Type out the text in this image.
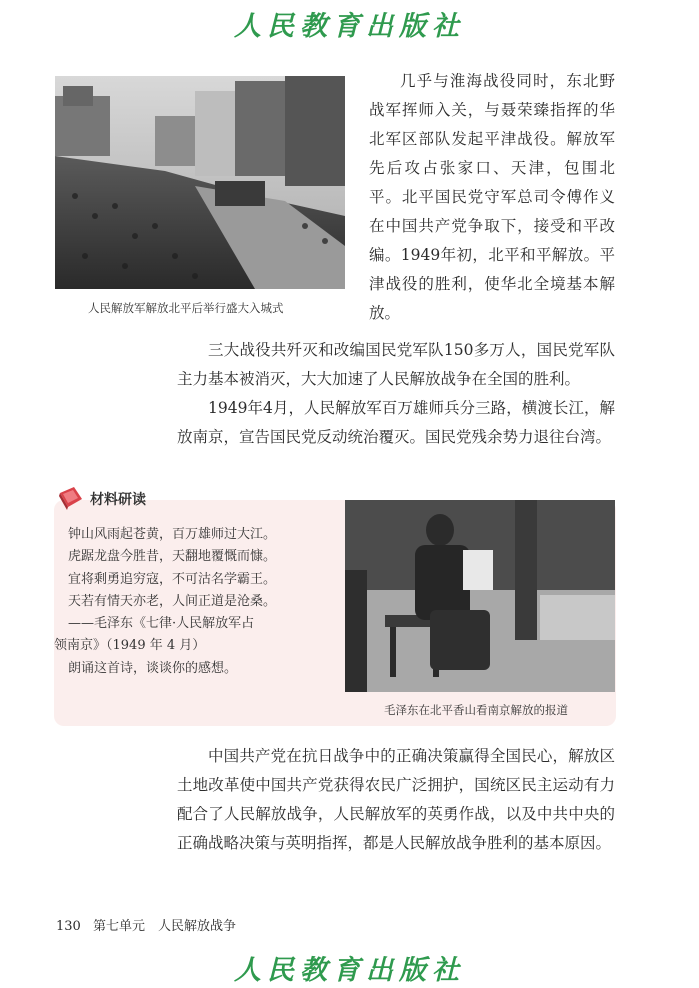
人民教育出版社
人民解放军解放北平后举行盛大入城式

几乎与淮海战役同时，东北野战军挥师入关，与聂荣臻指挥的华北军区部队发起平津战役。解放军先后攻占张家口、天津，包围北平。北平国民党守军总司令傅作义在中国共产党争取下，接受和平改编。1949年初，北平和平解放。平津战役的胜利，使华北全境基本解放。

三大战役共歼灭和改编国民党军队150多万人，国民党军队主力基本被消灭，大大加速了人民解放战争在全国的胜利。

1949年4月，人民解放军百万雄师兵分三路，横渡长江，解放南京，宣告国民党反动统治覆灭。国民党残余势力退往台湾。

材料研读
钟山风雨起苍黄，百万雄师过大江。
虎踞龙盘今胜昔，天翻地覆慨而慷。
宜将剩勇追穷寇，不可沽名学霸王。
天若有情天亦老，人间正道是沧桑。
——毛泽东《七律·人民解放军占
领南京》（1949 年 4 月）
朗诵这首诗，谈谈你的感想。
毛泽东在北平香山看南京解放的报道

中国共产党在抗日战争中的正确决策赢得全国民心，解放区土地改革使中国共产党获得农民广泛拥护，国统区民主运动有力配合了人民解放战争，人民解放军的英勇作战，以及中共中央的正确战略决策与英明指挥，都是人民解放战争胜利的基本原因。

130 第七单元　人民解放战争
人民教育出版社
